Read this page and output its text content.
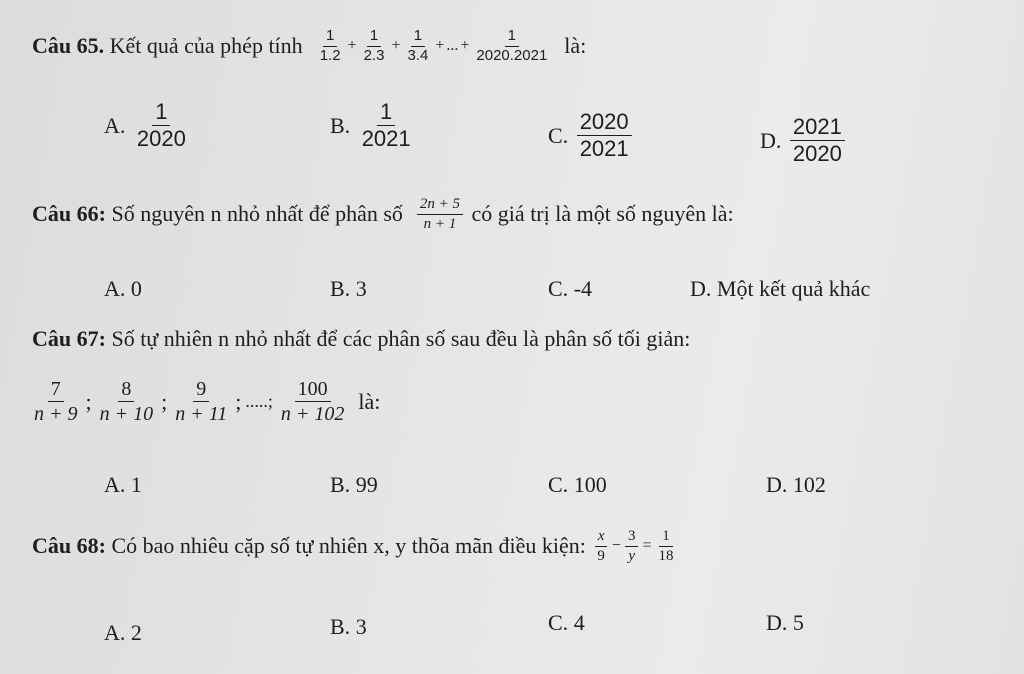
Câu 65.
Kết quả của phép tính
$\frac{1}{1.2} + \frac{1}{2.3} + \frac{1}{3.4}$ + ... + $\frac{1}{2020.2021}$
là:
A.
$\frac{1}{2020}$	B.
$\frac{1}{2021}$	C.
$\frac{2020}{2021}$	D.
$\frac{2021}{2020}$
Câu 66:
Số nguyên n nhỏ nhất để phân số
$\frac{2n + 5}{n + 1}$
có giá trị là một số nguyên là:
A.
0	B.
3	C.
-4	D.
Một kết quả khác
Câu 67:
Số tự nhiên n nhỏ nhất để các phân số sau đều là phân số tối giản:
$\frac{7}{n + 9}$ ; $\frac{8}{n + 10}$ ; $\frac{9}{n + 11}$ ; .....; $\frac{100}{n + 102}$
là:
A.
1	B.
99	C.
100	D.
102
Câu 68:
Có bao nhiêu cặp số tự nhiên x, y thõa mãn điều kiện:
$\frac{x}{9} - \frac{3}{y} = \frac{1}{18}$
A.
2	B.
3	C.
4	D.
5
